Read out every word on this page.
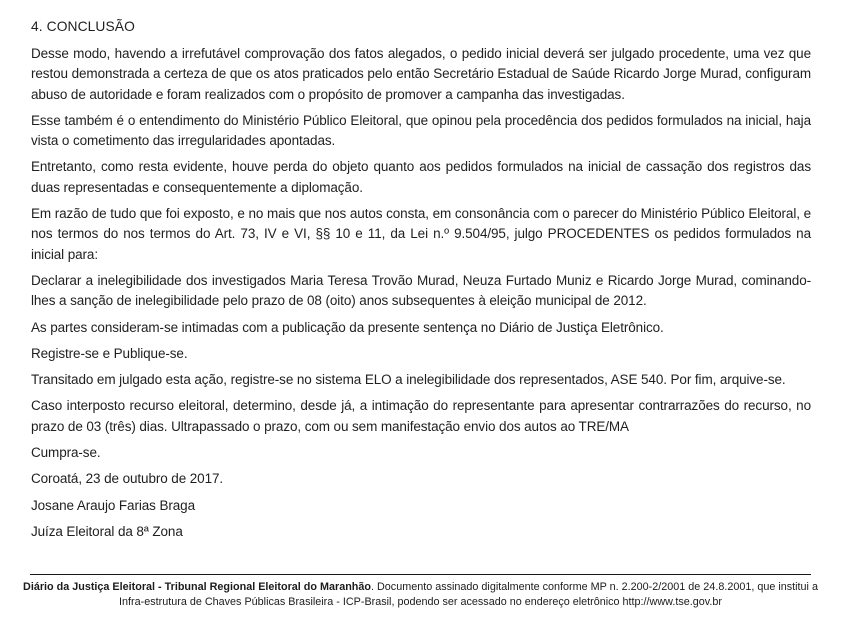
4. CONCLUSÃO

Desse modo, havendo a irrefutável comprovação dos fatos alegados, o pedido inicial deverá ser julgado procedente, uma vez que restou demonstrada a certeza de que os atos praticados pelo então Secretário Estadual de Saúde Ricardo Jorge Murad, configuram abuso de autoridade e foram realizados com o propósito de promover a campanha das investigadas.

Esse também é o entendimento do Ministério Público Eleitoral, que opinou pela procedência dos pedidos formulados na inicial, haja vista o cometimento das irregularidades apontadas.

Entretanto, como resta evidente, houve perda do objeto quanto aos pedidos formulados na inicial de cassação dos registros das duas representadas e consequentemente a diplomação.

Em razão de tudo que foi exposto, e no mais que nos autos consta, em consonância com o parecer do Ministério Público Eleitoral, e nos termos do nos termos do Art. 73, IV e VI, §§ 10 e 11, da Lei n.º 9.504/95, julgo PROCEDENTES os pedidos formulados na inicial para:

Declarar a inelegibilidade dos investigados Maria Teresa Trovão Murad, Neuza Furtado Muniz e Ricardo Jorge Murad, cominando-lhes a sanção de inelegibilidade pelo prazo de 08 (oito) anos subsequentes à eleição municipal de 2012.

As partes consideram-se intimadas com a publicação da presente sentença no Diário de Justiça Eletrônico.

Registre-se e Publique-se.

Transitado em julgado esta ação, registre-se no sistema ELO a inelegibilidade dos representados, ASE 540. Por fim, arquive-se.

Caso interposto recurso eleitoral, determino, desde já, a intimação do representante para apresentar contrarrazões do recurso, no prazo de 03 (três) dias. Ultrapassado o prazo, com ou sem manifestação envio dos autos ao TRE/MA

Cumpra-se.

Coroatá, 23 de outubro de 2017.

Josane Araujo Farias Braga

Juíza Eleitoral da 8ª Zona

Diário da Justiça Eleitoral - Tribunal Regional Eleitoral do Maranhão. Documento assinado digitalmente conforme MP n. 2.200-2/2001 de 24.8.2001, que institui a Infra-estrutura de Chaves Públicas Brasileira - ICP-Brasil, podendo ser acessado no endereço eletrônico http://www.tse.gov.br
